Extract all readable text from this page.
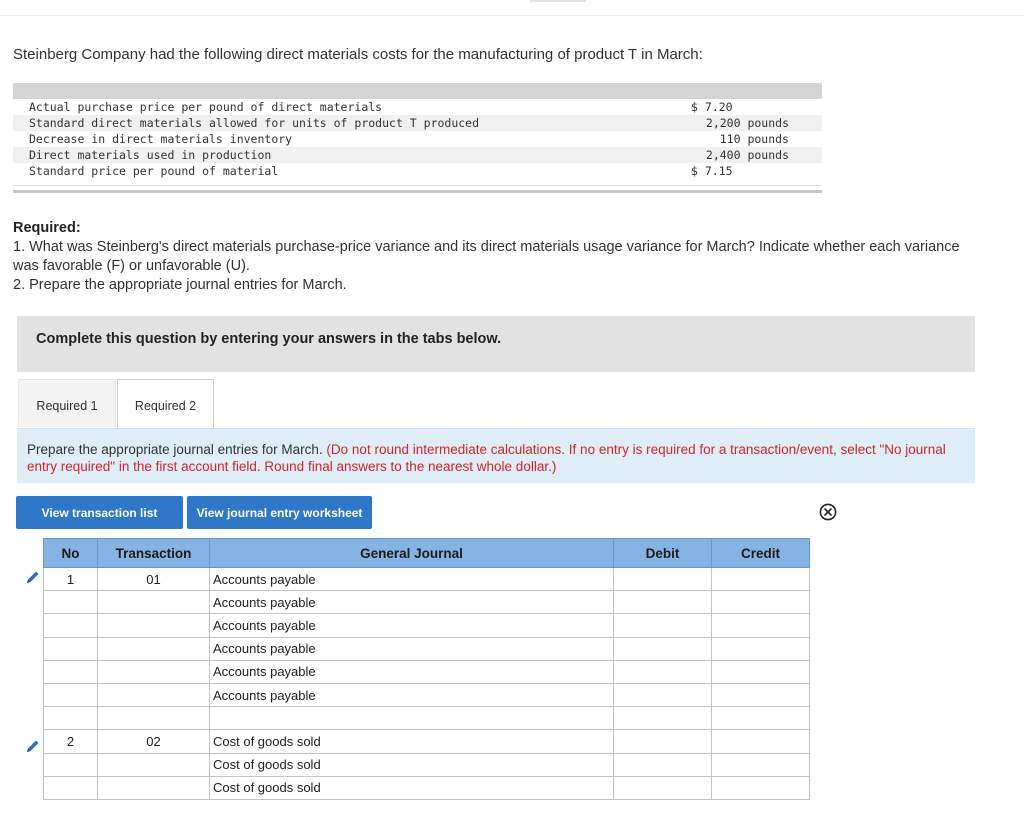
Steinberg Company had the following direct materials costs for the manufacturing of product T in March:
Actual purchase price per pound of direct materials	$ 7.20
Standard direct materials allowed for units of product T produced	2,200 pounds
Decrease in direct materials inventory	110 pounds
Direct materials used in production	2,400 pounds
Standard price per pound of material	$ 7.15
Required:
1. What was Steinberg's direct materials purchase-price variance and its direct materials usage variance for March? Indicate whether each variance was favorable (F) or unfavorable (U).
2. Prepare the appropriate journal entries for March.
Complete this question by entering your answers in the tabs below.
Required 1	Required 2

Prepare the appropriate journal entries for March. (Do not round intermediate calculations. If no entry is required for a transaction/event, select "No journal entry required" in the first account field. Round final answers to the nearest whole dollar.)

View transaction list	View journal entry worksheet
No	Transaction	General Journal	Debit	Credit
1	01	Accounts payable		
		Accounts payable		
		Accounts payable		
		Accounts payable		
		Accounts payable		
		Accounts payable		

2	02	Cost of goods sold		
		Cost of goods sold		
		Cost of goods sold		
